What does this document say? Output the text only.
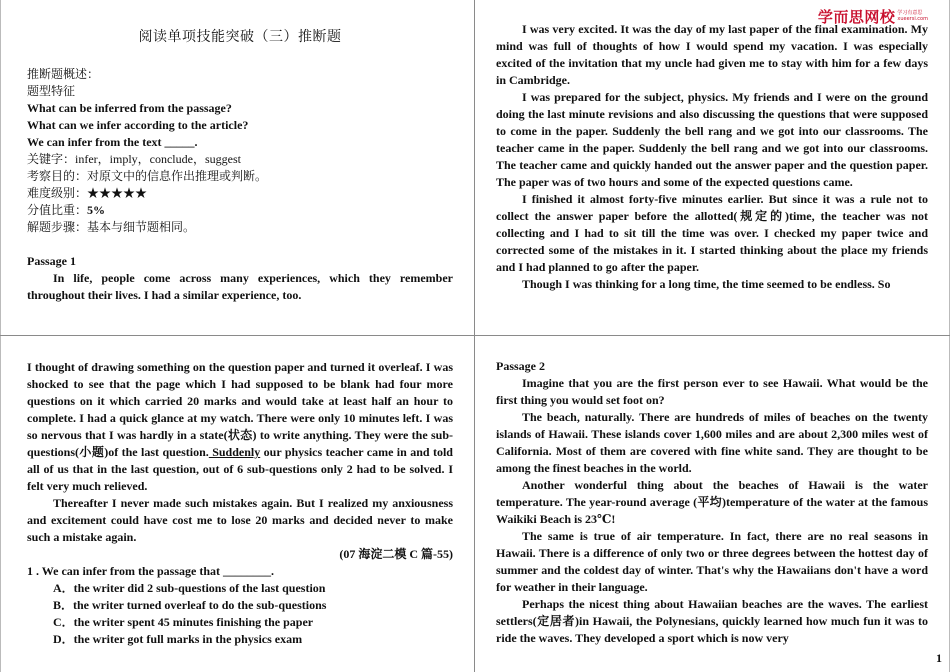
阅读单项技能突破（三）推断题
推断题概述：
题型特征
What can be inferred from the passage?
What can we infer according to the article?
We can infer from the text _____.
关键字：infer，imply，conclude，suggest
考察目的：对原文中的信息作出推理或判断。
难度级别：★★★★★
分值比重：5%
解题步骤：基本与细节题相同。
Passage 1

In life, people come across many experiences, which they remember throughout their lives. I had a similar experience, too.

学而思网校 学习有意思
xueersi.com

I was very excited. It was the day of my last paper of the final examination. My mind was full of thoughts of how I would spend my vacation. I was especially excited of the invitation that my uncle had given me to stay with him for a few days in Cambridge.

I was prepared for the subject, physics. My friends and I were on the ground doing the last minute revisions and also discussing the questions that were supposed to come in the paper. Suddenly the bell rang and we got into our classrooms. The teacher came in the paper. Suddenly the bell rang and we got into our classrooms. The teacher came and quickly handed out the answer paper and the question paper. The paper was of two hours and some of the expected questions came.

I finished it almost forty-five minutes earlier. But since it was a rule not to collect the answer paper before the allotted(规定的)time, the teacher was not collecting and I had to sit till the time was over. I checked my paper twice and corrected some of the mistakes in it. I started thinking about the place my friends and I had planned to go after the paper.

Though I was thinking for a long time, the time seemed to be endless. So

I thought of drawing something on the question paper and turned it overleaf. I was shocked to see that the page which I had supposed to be blank had four more questions on it which carried 20 marks and would take at least half an hour to complete. I had a quick glance at my watch. There were only 10 minutes left. I was so nervous that I was hardly in a state(状态) to write anything. They were the sub-questions(小题)of the last question. Suddenly our physics teacher came in and told all of us that in the last question, out of 6 sub-questions only 2 had to be solved. I felt very much relieved.

Thereafter I never made such mistakes again. But I realized my anxiousness and excitement could have cost me to lose 20 marks and decided never to make such a mistake again.

(07 海淀二模 C 篇-55)
1 . We can infer from the passage that ________.
A．the writer did 2 sub-questions of the last question
B．the writer turned overleaf to do the sub-questions
C．the writer spent 45 minutes finishing the paper
D．the writer got full marks in the physics exam
Passage 2

Imagine that you are the first person ever to see Hawaii. What would be the first thing you would set foot on?

The beach, naturally. There are hundreds of miles of beaches on the twenty islands of Hawaii. These islands cover 1,600 miles and are about 2,300 miles west of California. Most of them are covered with fine white sand. They are thought to be among the finest beaches in the world.

Another wonderful thing about the beaches of Hawaii is the water temperature. The year-round average (平均)temperature of the water at the famous Waikiki Beach is 23℃!

The same is true of air temperature. In fact, there are no real seasons in Hawaii. There is a difference of only two or three degrees between the hottest day of summer and the coldest day of winter. That's why the Hawaiians don't have a word for weather in their language.

Perhaps the nicest thing about Hawaiian beaches are the waves. The earliest settlers(定居者)in Hawaii, the Polynesians, quickly learned how much fun it was to ride the waves. They developed a sport which is now very

1
